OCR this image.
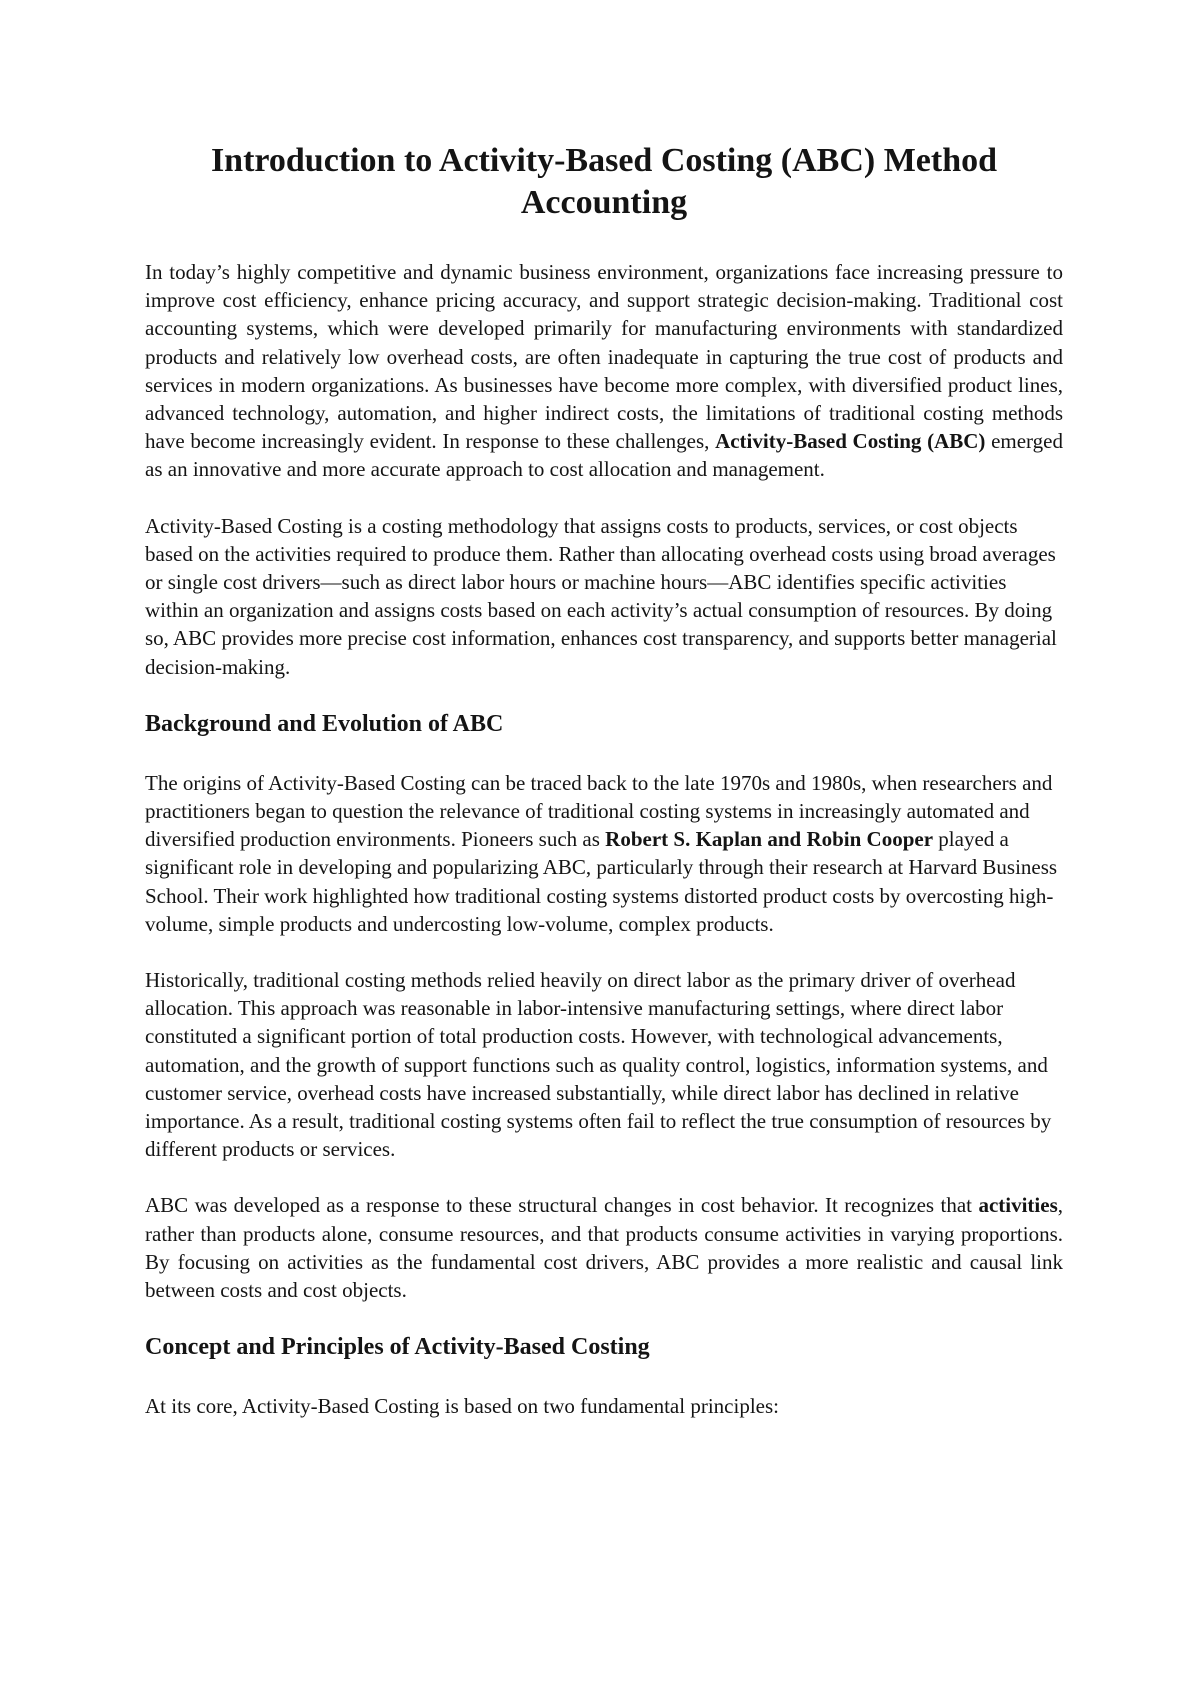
Introduction to Activity-Based Costing (ABC) Method Accounting

In today’s highly competitive and dynamic business environment, organizations face increasing pressure to improve cost efficiency, enhance pricing accuracy, and support strategic decision-making. Traditional cost accounting systems, which were developed primarily for manufacturing environments with standardized products and relatively low overhead costs, are often inadequate in capturing the true cost of products and services in modern organizations. As businesses have become more complex, with diversified product lines, advanced technology, automation, and higher indirect costs, the limitations of traditional costing methods have become increasingly evident. In response to these challenges, Activity-Based Costing (ABC) emerged as an innovative and more accurate approach to cost allocation and management.

Activity-Based Costing is a costing methodology that assigns costs to products, services, or cost objects based on the activities required to produce them. Rather than allocating overhead costs using broad averages or single cost drivers—such as direct labor hours or machine hours—ABC identifies specific activities within an organization and assigns costs based on each activity’s actual consumption of resources. By doing so, ABC provides more precise cost information, enhances cost transparency, and supports better managerial decision-making.

Background and Evolution of ABC

The origins of Activity-Based Costing can be traced back to the late 1970s and 1980s, when researchers and practitioners began to question the relevance of traditional costing systems in increasingly automated and diversified production environments. Pioneers such as Robert S. Kaplan and Robin Cooper played a significant role in developing and popularizing ABC, particularly through their research at Harvard Business School. Their work highlighted how traditional costing systems distorted product costs by overcosting high-volume, simple products and undercosting low-volume, complex products.

Historically, traditional costing methods relied heavily on direct labor as the primary driver of overhead allocation. This approach was reasonable in labor-intensive manufacturing settings, where direct labor constituted a significant portion of total production costs. However, with technological advancements, automation, and the growth of support functions such as quality control, logistics, information systems, and customer service, overhead costs have increased substantially, while direct labor has declined in relative importance. As a result, traditional costing systems often fail to reflect the true consumption of resources by different products or services.

ABC was developed as a response to these structural changes in cost behavior. It recognizes that activities, rather than products alone, consume resources, and that products consume activities in varying proportions. By focusing on activities as the fundamental cost drivers, ABC provides a more realistic and causal link between costs and cost objects.

Concept and Principles of Activity-Based Costing

At its core, Activity-Based Costing is based on two fundamental principles:
